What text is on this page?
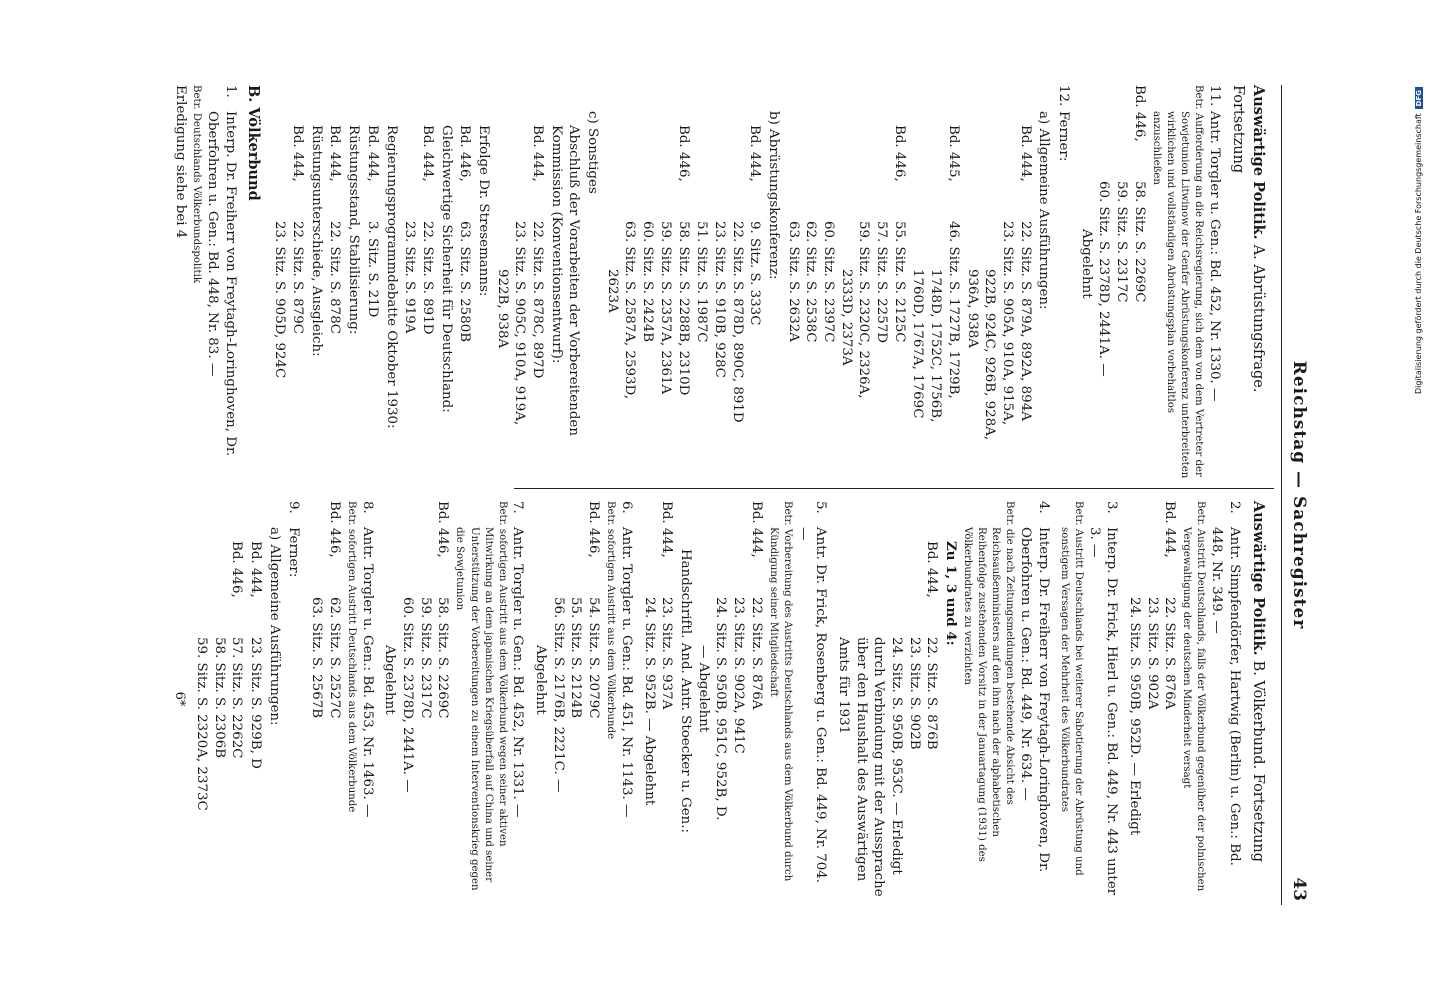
Reichstag — Sachregister
43
Auswärtige Politik. A. Abrüstungsfrage. Fortsetzung
11.Antr. Torgler u. Gen.: Bd. 452, Nr. 1330. —
Betr. Aufforderung an die Reichsregierung, sich dem von dem Vertreter der Sowjetunion Litwinow der Genfer Abrüstungskonferenz unterbreiteten wirklichen und vollständigen Abrüstungsplan vorbehaltlos anzuschließen
Bd. 446,
58. Sitz. S. 2269C
59. Sitz. S. 2317C
60. Sitz. S. 2378D, 2441A. —
Abgelehnt
12.Ferner:
a) Allgemeine Ausführungen:
Bd. 444,
22. Sitz. S. 879A, 892A, 894A
23. Sitz. S. 905A, 910A, 915A,
922B, 924C, 926B, 928A,
936A, 938A
Bd. 445,
46. Sitz. S. 1727B, 1729B,
1748D, 1752C, 1756B,
1760D, 1767A, 1769C
Bd. 446,
55. Sitz. S. 2125C
57. Sitz. S. 2257D
59. Sitz. S. 2320C, 2326A,
2333D, 2373A
60. Sitz. S. 2397C
62. Sitz. S. 2538C
63. Sitz. S. 2632A
b) Abrüstungskonferenz:
Bd. 444,
9. Sitz. S. 333C
22. Sitz. S. 878D, 890C, 891D
23. Sitz. S. 910B, 928C
51. Sitz. S. 1987C
Bd. 446,
58. Sitz. S. 2288B, 2310D
59. Sitz. S. 2357A, 2361A
60. Sitz. S. 2424B
63. Sitz. S. 2587A, 2593D,
2623A
c) Sonstiges
Abschluß der Vorarbeiten der Vorbereitenden Kommission (Konventionsentwurf):
Bd. 444,
22. Sitz. S. 878C, 897D
23. Sitz. S. 905C, 910A, 919A,
922B, 938A
Erfolge Dr. Stresemanns:
Bd. 446,
63. Sitz. S. 2580B
Gleichwertige Sicherheit für Deutschland:
Bd. 444,
22. Sitz. S. 891D
23. Sitz. S. 919A
Regierungsprogrammdebatte Oktober 1930:
Bd. 444,
3. Sitz. S. 21D
Rüstungsstand, Stabilisierung:
Bd. 444,
22. Sitz. S. 878C
Rüstungsunterschiede, Ausgleich:
Bd. 444,
22. Sitz. S. 879C
23. Sitz. S. 905D, 924C
B. Völkerbund
1.Interp. Dr. Freiherr von Freytagh-Loringhoven, Dr. Oberfohren u. Gen.: Bd. 448, Nr. 83. —
Betr. Deutschlands Völkerbundspolitik
Erledigung siehe bei 4
Auswärtige Politik. B. Völkerbund. Fortsetzung
2.Antr. Simpfendörfer, Hartwig (Berlin) u. Gen.: Bd. 448, Nr. 349. —
Betr. Austritt Deutschlands, falls der Völkerbund gegenüber der polnischen Vergewaltigung der deutschen Minderheit versagt
Bd. 444,
22. Sitz. S. 876A
23. Sitz. S. 902A
24. Sitz. S. 950B, 952D. — Erledigt
3.Interp. Dr. Frick, Hierl u. Gen.: Bd. 449, Nr. 443 unter 3. —
Betr. Austritt Deutschlands bei weiterer Sabotierung der Abrüstung und sonstigem Versagen der Mehrheit des Völkerbundrates
4.Interp. Dr. Freiherr von Freytagh-Loringhoven, Dr. Oberfohren u. Gen.: Bd. 449, Nr. 634. —
Betr. die nach Zeitungsmeldungen bestehende Absicht des Reichsaußenministers auf den ihm nach der alphabetischen Reihenfolge zustehenden Vorsitz in der Januartagung (1931) des Völkerbundrates zu verzichten
Zu 1, 3 und 4:
Bd. 444,
22. Sitz. S. 876B
23. Sitz. S. 902B
24. Sitz. S. 950B, 953C. — Erledigt durch Verbindung mit der Aussprache über den Haushalt des Auswärtigen Amts für 1931
5.Antr. Dr. Frick, Rosenberg u. Gen.: Bd. 449, Nr. 704. —
Betr. Vorbereitung des Austritts Deutschlands aus dem Völkerbund durch Kündigung seiner Mitgliedschaft
Bd. 444,
22. Sitz. S. 876A
23. Sitz. S. 902A, 941C
24. Sitz. S. 950B, 951C, 952B, D.
— Abgelehnt
Handschriftl. And. Antr. Stoecker u. Gen.:
Bd. 444,
23. Sitz. S. 937A
24. Sitz. S. 952B. — Abgelehnt
6.Antr. Torgler u. Gen.: Bd. 451, Nr. 1143. —
Betr. sofortigen Austritt aus dem Völkerbunde
Bd. 446,
54. Sitz. S. 2079C
55. Sitz. S. 2124B
56. Sitz. S. 2176B, 2221C. —
Abgelehnt
7.Antr. Torgler u. Gen.: Bd. 452, Nr. 1331. —
Betr. sofortigen Austritt aus dem Völkerbund wegen seiner aktiven Mitwirkung an dem japanischen Kriegsüberfall auf China und seiner Unterstützung der Vorbereitungen zu einem Interventionskrieg gegen die Sowjetunion
Bd. 446,
58. Sitz. S. 2269C
59. Sitz. S. 2317C
60. Sitz. S. 2378D, 2441A. —
Abgelehnt
8.Antr. Torgler u. Gen.: Bd. 453, Nr. 1463. —
Betr. sofortigen Austritt Deutschlands aus dem Völkerbunde
Bd. 446,
62. Sitz. S. 2527C
63. Sitz. S. 2567B
9.Ferner:
a) Allgemeine Ausführungen:
Bd. 444,
23. Sitz. S. 929B, D
Bd. 446,
57. Sitz. S. 2262C
58. Sitz. S. 2306B
59. Sitz. S. 2320A, 2373C
6*
Digitalisierung gefördert durch die Deutsche ForschungsgemeinschaftDFG
